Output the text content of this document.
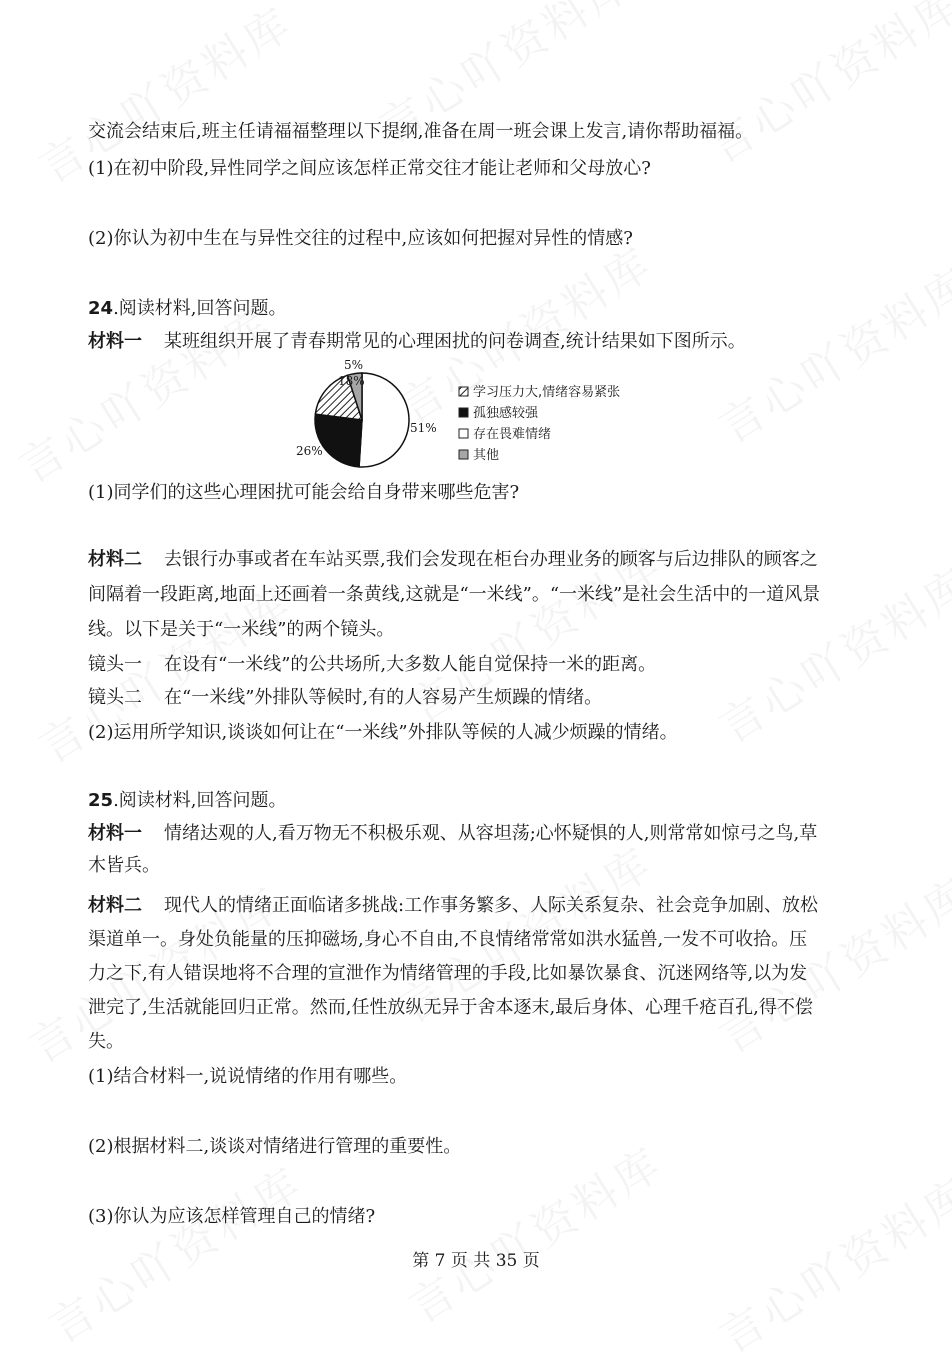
交流会结束后,班主任请福福整理以下提纲,准备在周一班会课上发言,请你帮助福福。
(1)在初中阶段,异性同学之间应该怎样正常交往才能让老师和父母放心?
(2)你认为初中生在与异性交往的过程中,应该如何把握对异性的情感?
24.阅读材料,回答问题。
材料一 某班组织开展了青春期常见的心理困扰的问卷调查,统计结果如下图所示。
18%
26%
51%
5%
学习压力大,情绪容易紧张
孤独感较强
存在畏难情绪
其他
(1)同学们的这些心理困扰可能会给自身带来哪些危害?
材料二 去银行办事或者在车站买票,我们会发现在柜台办理业务的顾客与后边排队的顾客之
间隔着一段距离,地面上还画着一条黄线,这就是“一米线”。“一米线”是社会生活中的一道风景
线。以下是关于“一米线”的两个镜头。
镜头一 在设有“一米线”的公共场所,大多数人能自觉保持一米的距离。
镜头二 在“一米线”外排队等候时,有的人容易产生烦躁的情绪。
(2)运用所学知识,谈谈如何让在“一米线”外排队等候的人减少烦躁的情绪。
25.阅读材料,回答问题。
材料一 情绪达观的人,看万物无不积极乐观、从容坦荡;心怀疑惧的人,则常常如惊弓之鸟,草
木皆兵。
材料二 现代人的情绪正面临诸多挑战:工作事务繁多、人际关系复杂、社会竞争加剧、放松
渠道单一。身处负能量的压抑磁场,身心不自由,不良情绪常常如洪水猛兽,一发不可收拾。压
力之下,有人错误地将不合理的宣泄作为情绪管理的手段,比如暴饮暴食、沉迷网络等,以为发
泄完了,生活就能回归正常。然而,任性放纵无异于舍本逐末,最后身体、心理千疮百孔,得不偿
失。
(1)结合材料一,说说情绪的作用有哪些。
(2)根据材料二,谈谈对情绪进行管理的重要性。
(3)你认为应该怎样管理自己的情绪?
第 7 页 共 35 页
